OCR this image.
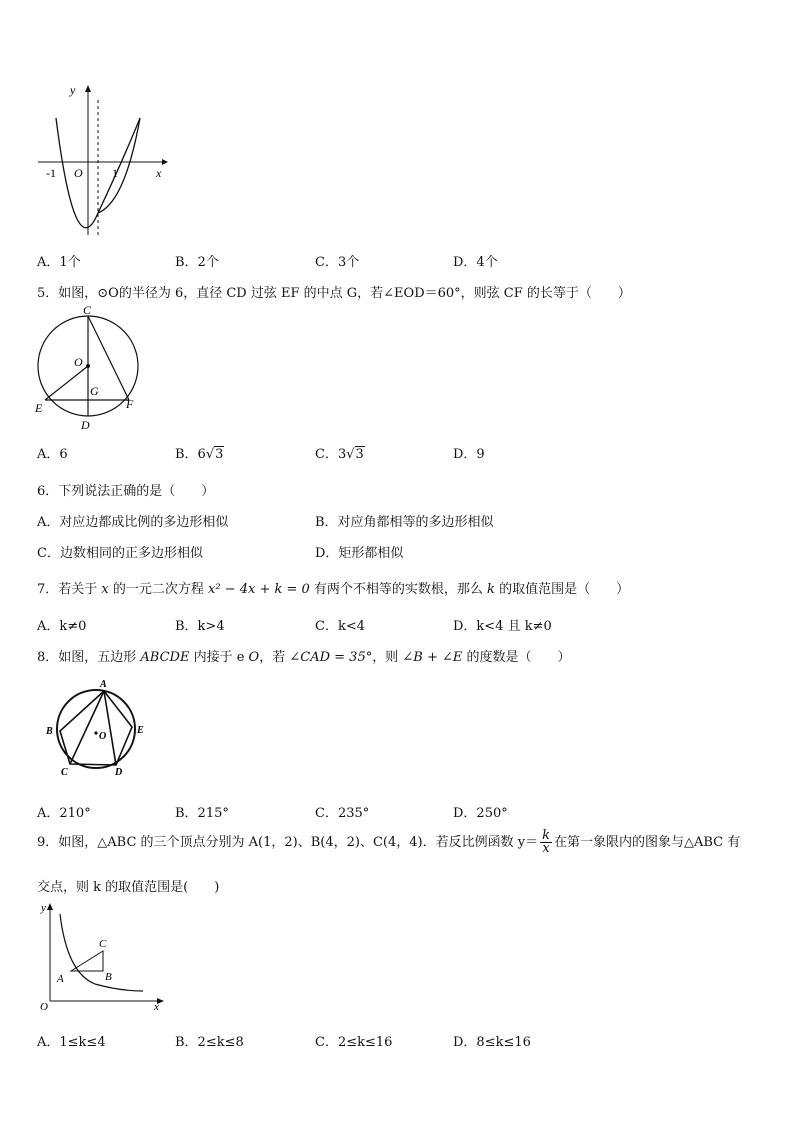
y
x
O
-1	1
A．1个	B．2个	C．3个	D．4个
5．如图，⊙O的半径为 6，直径 CD 过弦 EF 的中点 G，若∠EOD＝60°，则弦 CF 的长等于（　　）
C
O
G
E	F
D
A．6	B．6√3	C．3√3	D．9
6．下列说法正确的是（　　）
A．对应边都成比例的多边形相似	B．对应角都相等的多边形相似
C．边数相同的正多边形相似	D．矩形都相似
7．若关于 x 的一元二次方程 x² − 4x + k = 0 有两个不相等的实数根，那么 k 的取值范围是（　　）
A．k≠0	B．k>4	C．k<4	D．k<4 且 k≠0
8．如图，五边形 ABCDE 内接于 e O，若 ∠CAD = 35°，则 ∠B + ∠E 的度数是（　　）
A
B
C	D
E
O
A．210°	B．215°	C．235°	D．250°
9．如图，△ABC 的三个顶点分别为 A(1，2)、B(4，2)、C(4，4)．若反比例函数 $y= \frac{k}{x}$ 在第一象限内的图象与△ABC 有
交点，则 k 的取值范围是(　　)
y
x
O
A	B
C
A．1≤k≤4	B．2≤k≤8	C．2≤k≤16	D．8≤k≤16
